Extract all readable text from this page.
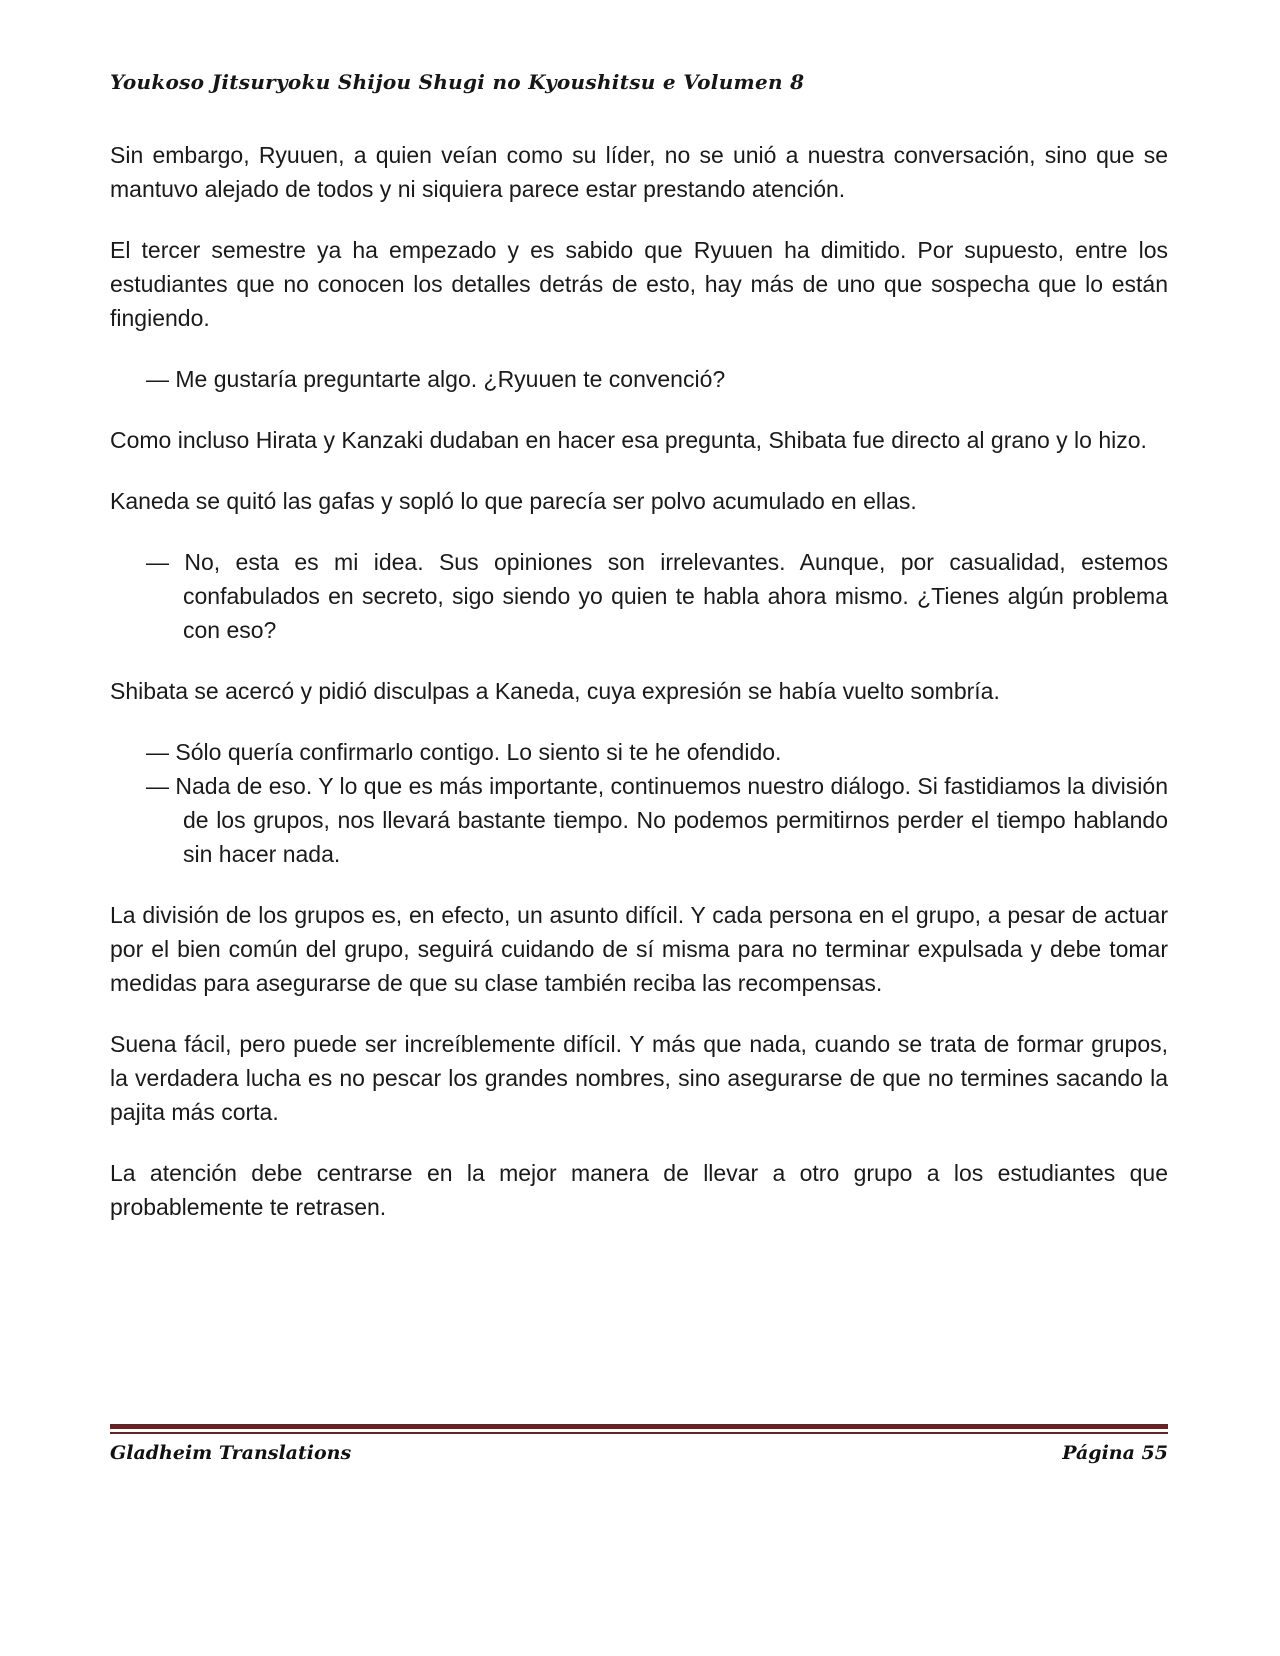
Youkoso Jitsuryoku Shijou Shugi no Kyoushitsu e Volumen 8

Sin embargo, Ryuuen, a quien veían como su líder, no se unió a nuestra conversación, sino que se mantuvo alejado de todos y ni siquiera parece estar prestando atención.

El tercer semestre ya ha empezado y es sabido que Ryuuen ha dimitido. Por supuesto, entre los estudiantes que no conocen los detalles detrás de esto, hay más de uno que sospecha que lo están fingiendo.

— Me gustaría preguntarte algo. ¿Ryuuen te convenció?

Como incluso Hirata y Kanzaki dudaban en hacer esa pregunta, Shibata fue directo al grano y lo hizo.

Kaneda se quitó las gafas y sopló lo que parecía ser polvo acumulado en ellas.

— No, esta es mi idea. Sus opiniones son irrelevantes. Aunque, por casualidad, estemos confabulados en secreto, sigo siendo yo quien te habla ahora mismo. ¿Tienes algún problema con eso?

Shibata se acercó y pidió disculpas a Kaneda, cuya expresión se había vuelto sombría.

— Sólo quería confirmarlo contigo. Lo siento si te he ofendido.

— Nada de eso. Y lo que es más importante, continuemos nuestro diálogo. Si fastidiamos la división de los grupos, nos llevará bastante tiempo. No podemos permitirnos perder el tiempo hablando sin hacer nada.

La división de los grupos es, en efecto, un asunto difícil. Y cada persona en el grupo, a pesar de actuar por el bien común del grupo, seguirá cuidando de sí misma para no terminar expulsada y debe tomar medidas para asegurarse de que su clase también reciba las recompensas.

Suena fácil, pero puede ser increíblemente difícil. Y más que nada, cuando se trata de formar grupos, la verdadera lucha es no pescar los grandes nombres, sino asegurarse de que no termines sacando la pajita más corta.

La atención debe centrarse en la mejor manera de llevar a otro grupo a los estudiantes que probablemente te retrasen.

Gladheim Translations	Página 55
